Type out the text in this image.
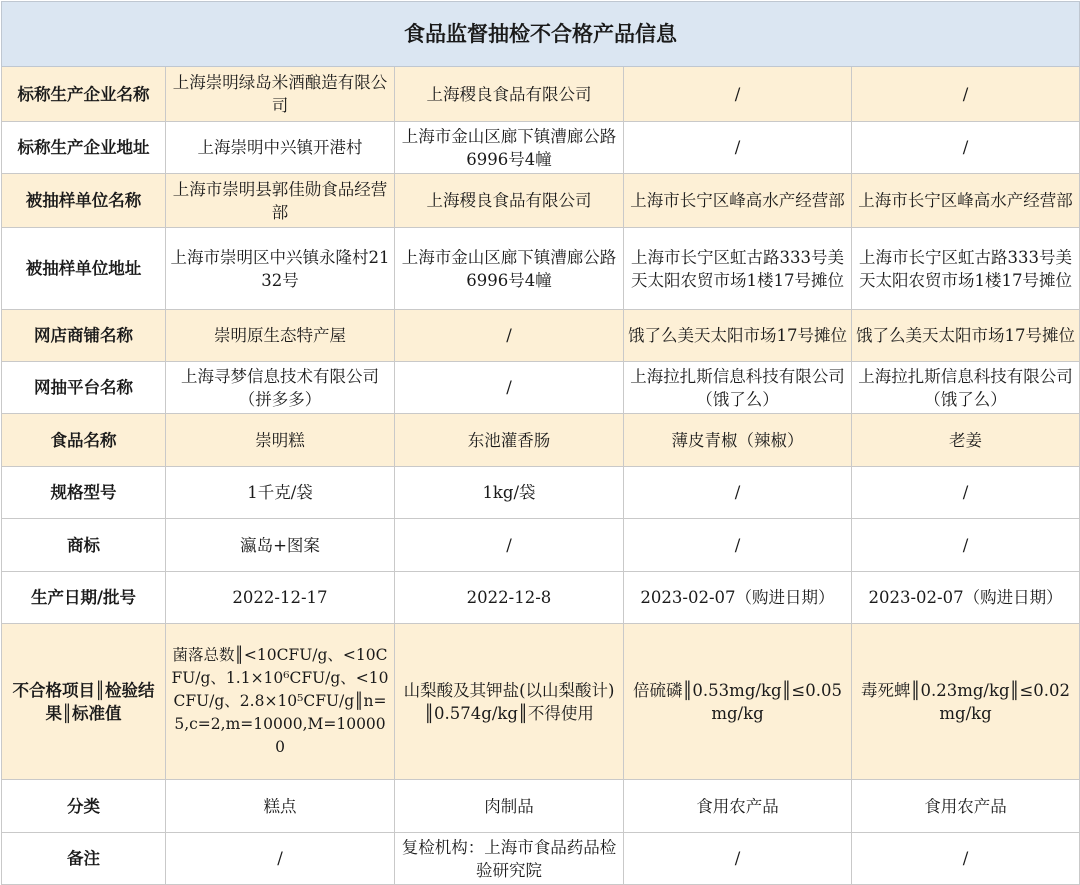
食品监督抽检不合格产品信息				
标称生产企业名称	上海崇明绿岛米酒酿造有限公司	上海稷良食品有限公司	/	/
标称生产企业地址	上海崇明中兴镇开港村	上海市金山区廊下镇漕廊公路6996号4幢	/	/
被抽样单位名称	上海市崇明县郭佳勋食品经营部	上海稷良食品有限公司	上海市长宁区峰高水产经营部	上海市长宁区峰高水产经营部
被抽样单位地址	上海市崇明区中兴镇永隆村2132号	上海市金山区廊下镇漕廊公路6996号4幢	上海市长宁区虹古路333号美天太阳农贸市场1楼17号摊位	上海市长宁区虹古路333号美天太阳农贸市场1楼17号摊位
网店商铺名称	崇明原生态特产屋	/	饿了么美天太阳市场17号摊位	饿了么美天太阳市场17号摊位
网抽平台名称	上海寻梦信息技术有限公司（拼多多）	/	上海拉扎斯信息科技有限公司（饿了么）	上海拉扎斯信息科技有限公司（饿了么）
食品名称	崇明糕	东池灌香肠	薄皮青椒（辣椒）	老姜
规格型号	1千克/袋	1kg/袋	/	/
商标	瀛岛+图案	/	/	/
生产日期/批号	2022-12-17	2022-12-8	2023-02-07（购进日期）	2023-02-07（购进日期）
不合格项目║检验结果║标准值	菌落总数║<10CFU/g、<10CFU/g、1.1×10⁶CFU/g、<10CFU/g、2.8×10⁵CFU/g║n=5,c=2,m=10000,M=100000	山梨酸及其钾盐(以山梨酸计)║0.574g/kg║不得使用	倍硫磷║0.53mg/kg║≤0.05mg/kg	毒死蜱║0.23mg/kg║≤0.02mg/kg
分类	糕点	肉制品	食用农产品	食用农产品
备注	/	复检机构：上海市食品药品检验研究院	/	/
